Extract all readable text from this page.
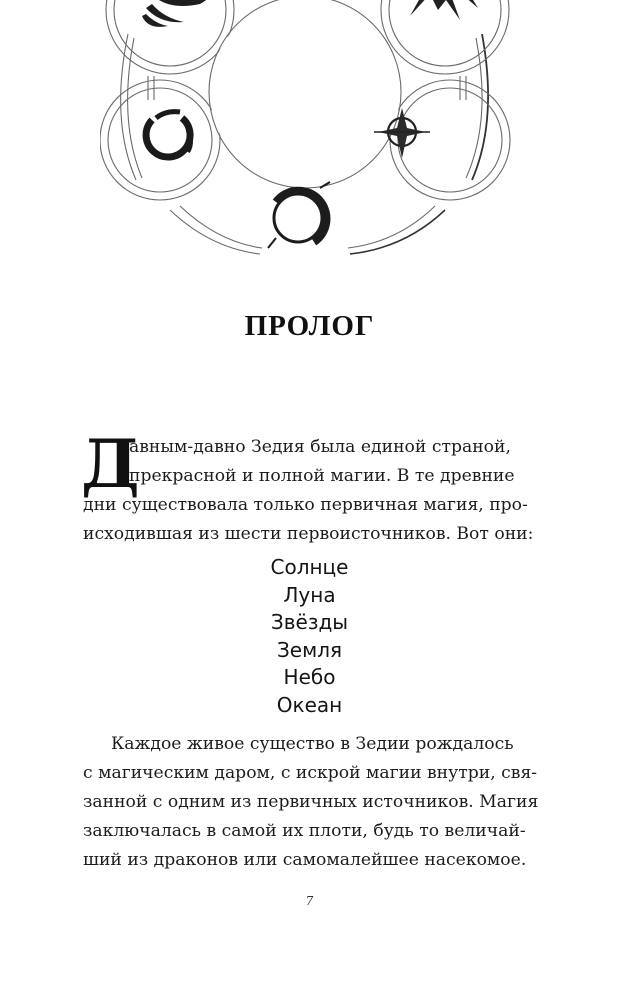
ПРОЛОГ
Д
авным-давно Зедия была единой страной,
прекрасной и полной магии. В те древние
дни существовала только первичная магия, про-
исходившая из шести первоисточников. Вот они:
Солнце
Луна
Звёзды
Земля
Небо
Океан
Каждое живое существо в Зедии рождалось
с магическим даром, с искрой магии внутри, свя-
занной с одним из первичных источников. Магия
заключалась в самой их плоти, будь то величай-
ший из драконов или самомалейшее насекомое.
7
